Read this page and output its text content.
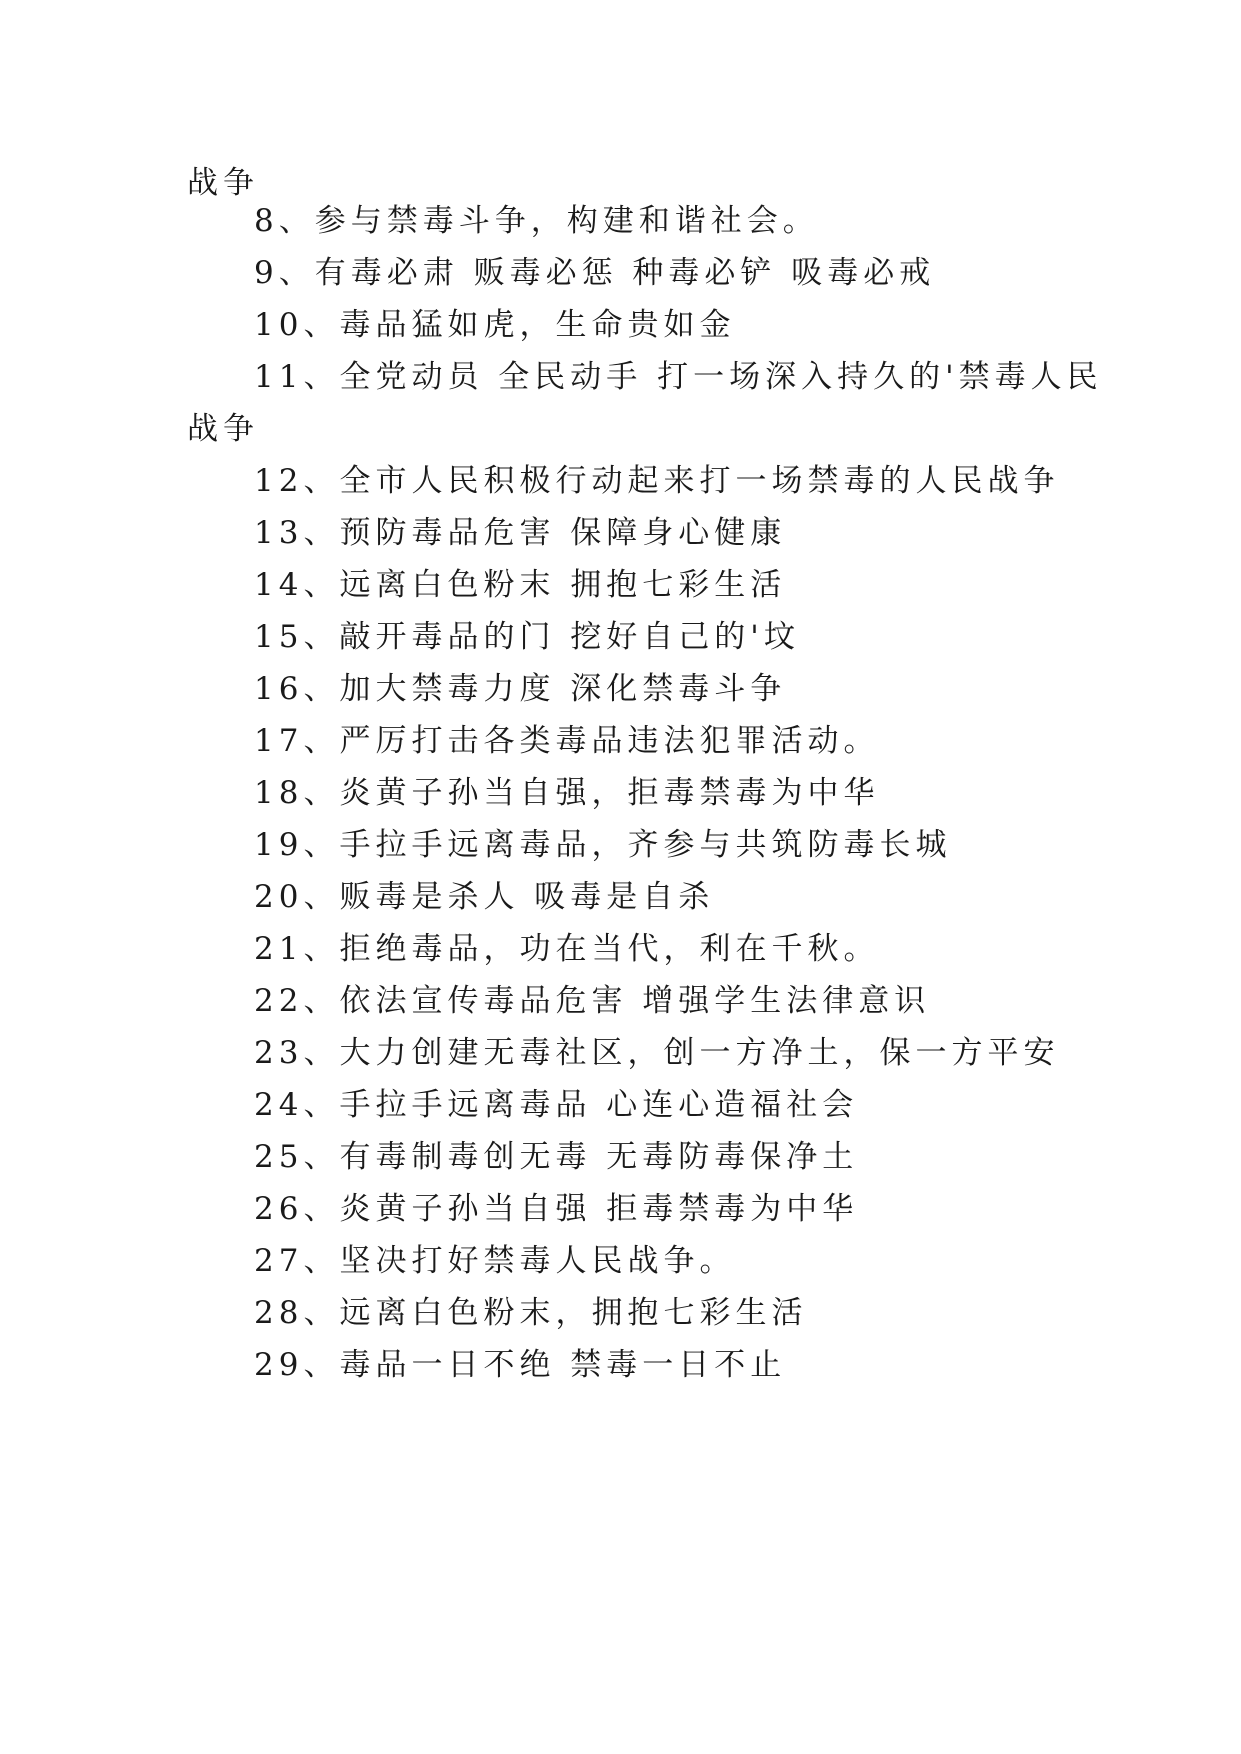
战争
8、参与禁毒斗争，构建和谐社会。
9、有毒必肃 贩毒必惩 种毒必铲 吸毒必戒
10、毒品猛如虎，生命贵如金
11、全党动员 全民动手 打一场深入持久的'禁毒人民
战争
12、全市人民积极行动起来打一场禁毒的人民战争
13、预防毒品危害 保障身心健康
14、远离白色粉末 拥抱七彩生活
15、敲开毒品的门 挖好自己的'坟
16、加大禁毒力度 深化禁毒斗争
17、严厉打击各类毒品违法犯罪活动。
18、炎黄子孙当自强，拒毒禁毒为中华
19、手拉手远离毒品，齐参与共筑防毒长城
20、贩毒是杀人 吸毒是自杀
21、拒绝毒品，功在当代，利在千秋。
22、依法宣传毒品危害 增强学生法律意识
23、大力创建无毒社区，创一方净土，保一方平安
24、手拉手远离毒品 心连心造福社会
25、有毒制毒创无毒 无毒防毒保净土
26、炎黄子孙当自强 拒毒禁毒为中华
27、坚决打好禁毒人民战争。
28、远离白色粉末，拥抱七彩生活
29、毒品一日不绝 禁毒一日不止
